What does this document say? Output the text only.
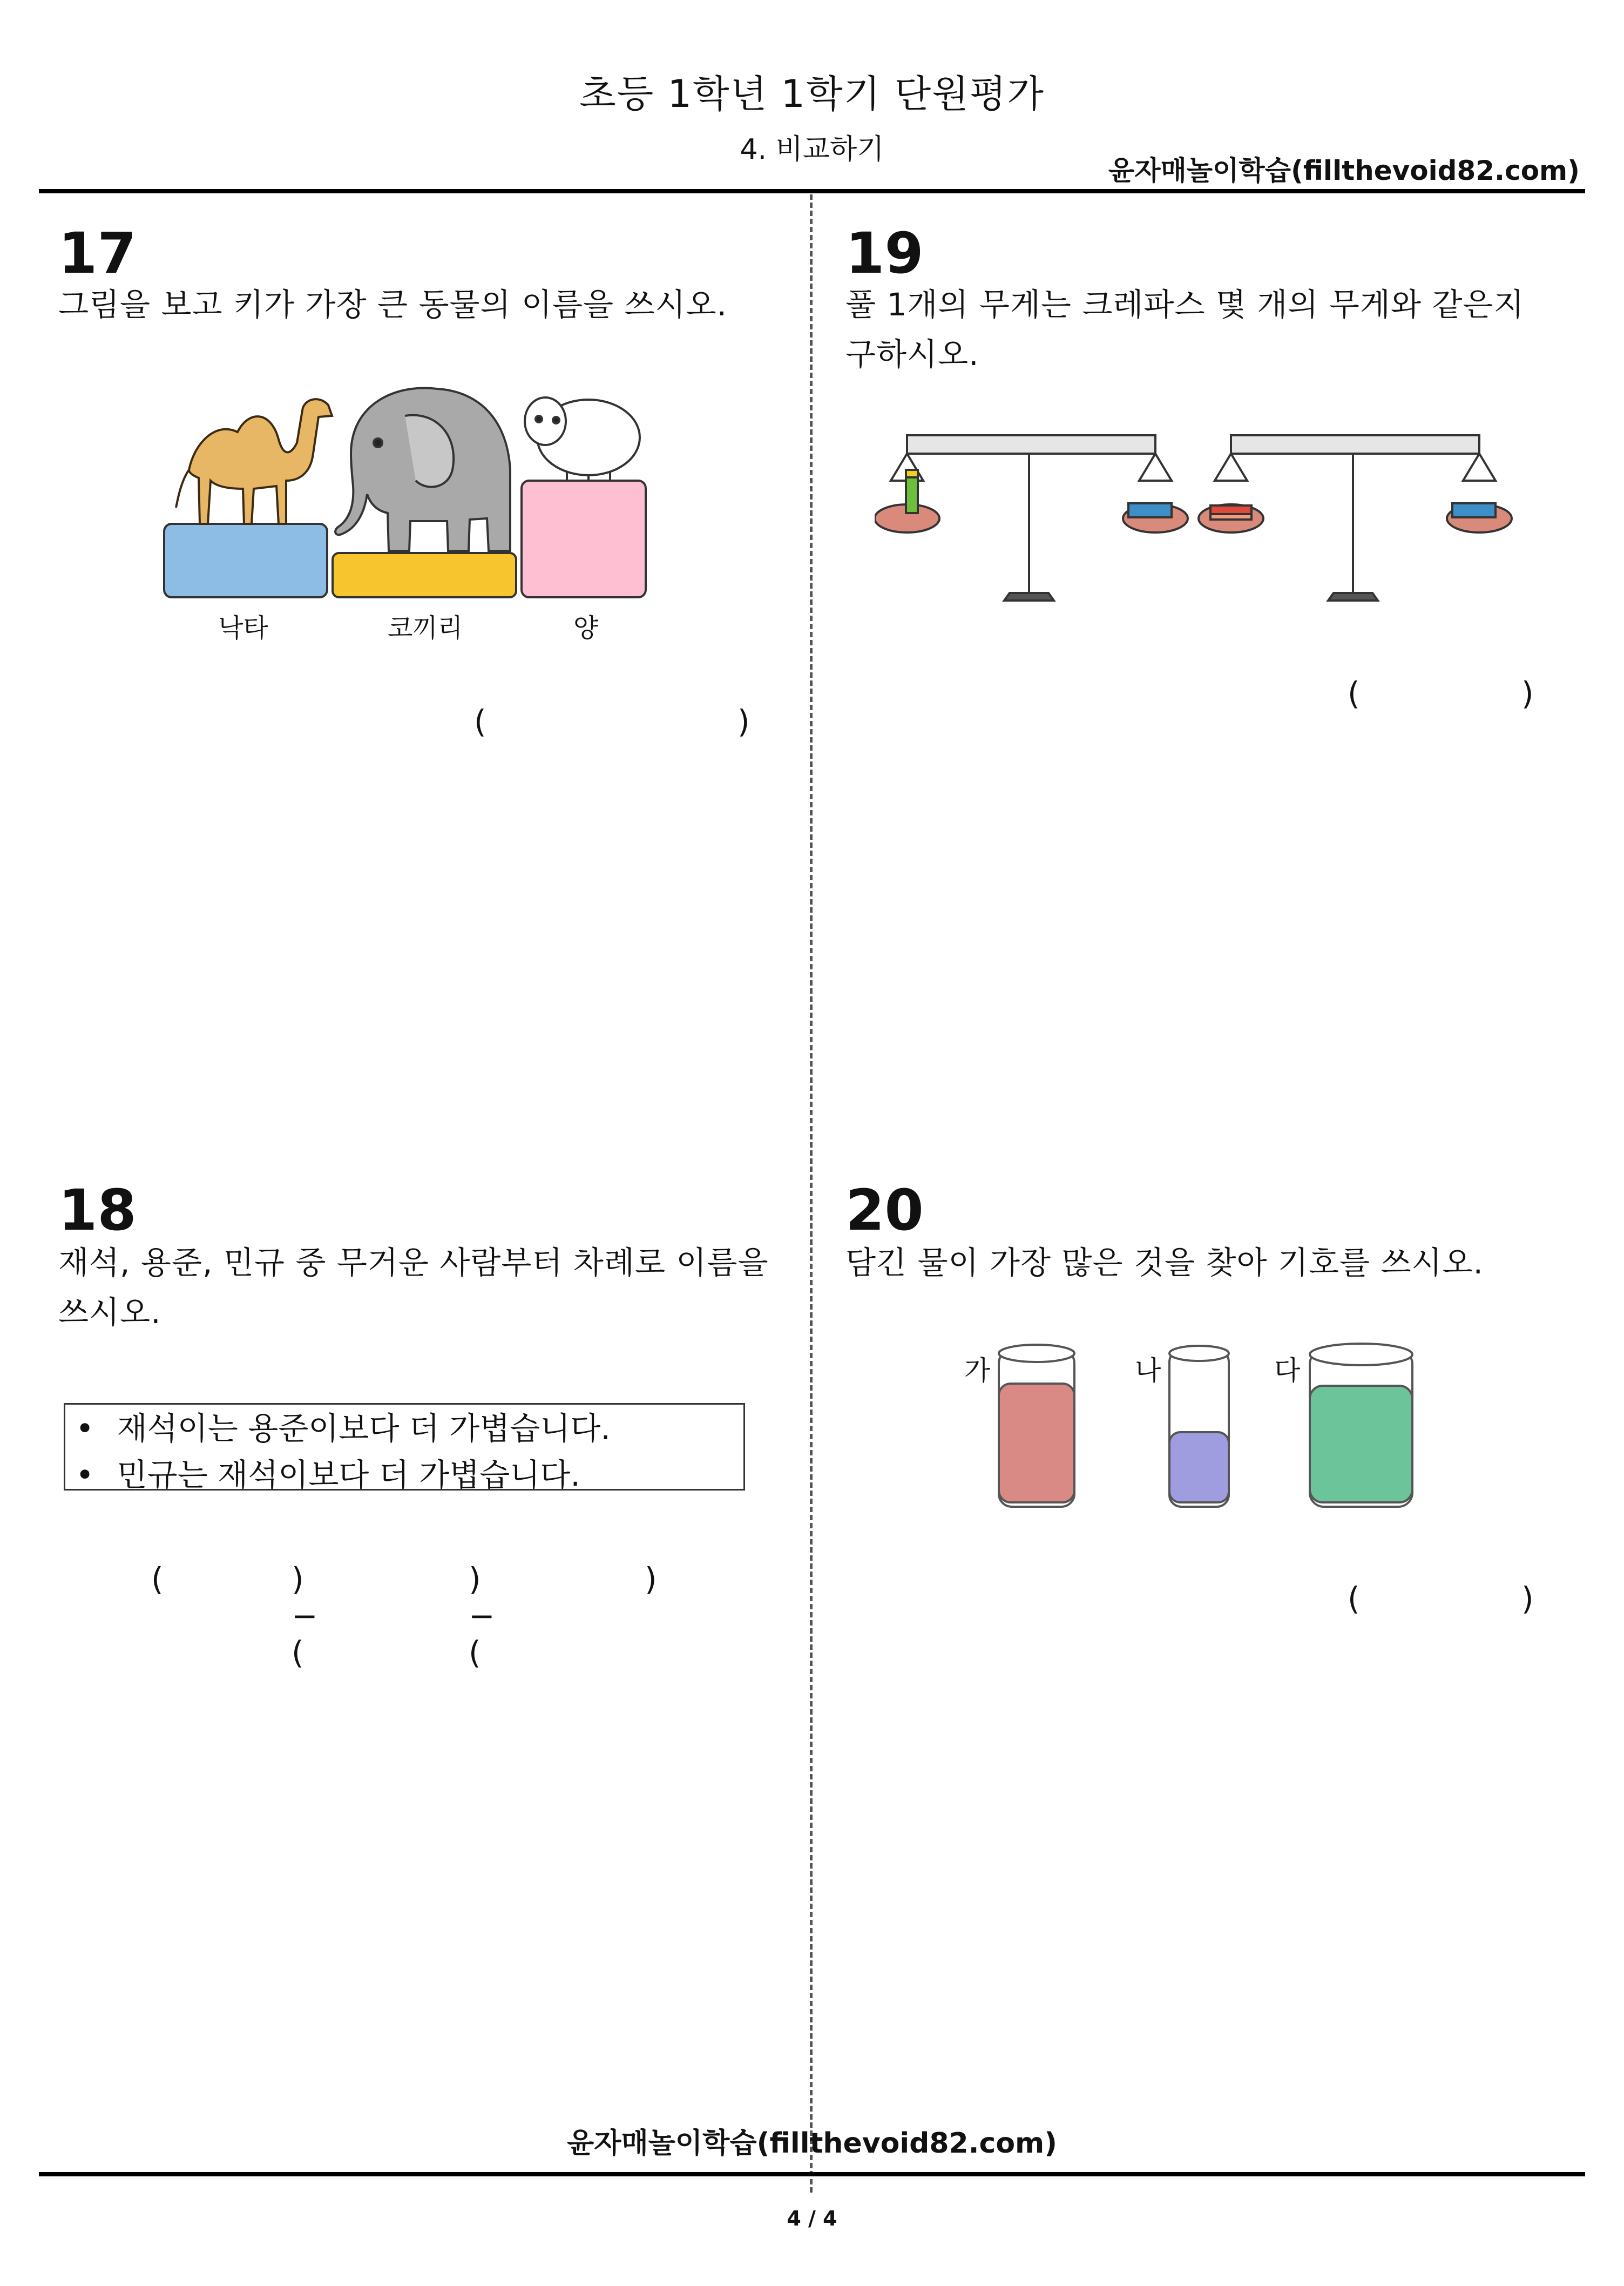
초등 1학년 1학기 단원평가
4. 비교하기
윤자매놀이학습(fillthevoid82.com)
17
그림을 보고 키가 가장 큰 동물의 이름을 쓰시오.
낙타	코끼리	양
(	)
18
재석, 용준, 민규 중 무거운 사람부터 차례로 이름을
쓰시오.
• 재석이는 용준이보다 더 가볍습니다.
• 민규는 재석이보다 더 가볍습니다.
(	)−(
)−(
)
19
풀 1개의 무게는 크레파스 몇 개의 무게와 같은지
구하시오.
(	)
20
담긴 물이 가장 많은 것을 찾아 기호를 쓰시오.
가	나	다
(	)
윤자매놀이학습(fillthevoid82.com)
4 / 4
